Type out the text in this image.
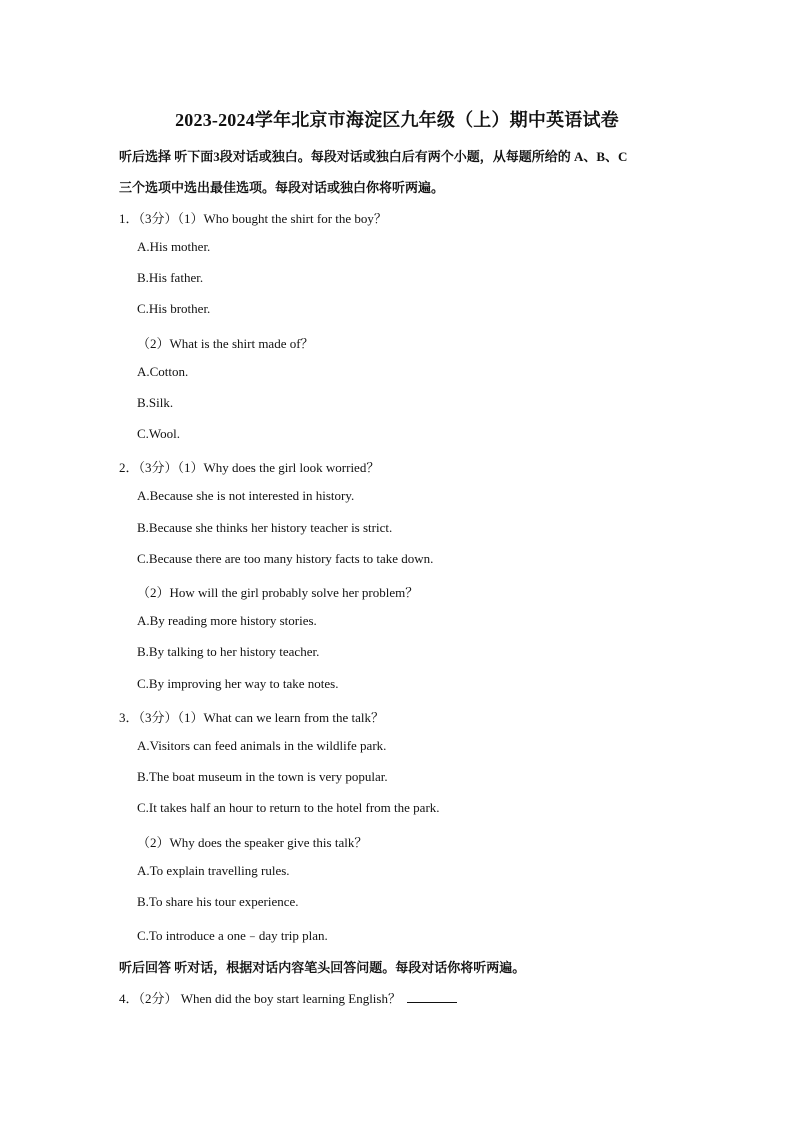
2023-2024学年北京市海淀区九年级（上）期中英语试卷
听后选择 听下面3段对话或独白。每段对话或独白后有两个小题，从每题所给的 A、B、C
三个选项中选出最佳选项。每段对话或独白你将听两遍。
1．（3分）（1）Who bought the shirt for the boy？
A.His mother.
B.His father.
C.His brother.
（2）What is the shirt made of？
A.Cotton.
B.Silk.
C.Wool.
2．（3分）（1）Why does the girl look worried？
A.Because she is not interested in history.
B.Because she thinks her history teacher is strict.
C.Because there are too many history facts to take down.
（2）How will the girl probably solve her problem？
A.By reading more history stories.
B.By talking to her history teacher.
C.By improving her way to take notes.
3．（3分）（1）What can we learn from the talk？
A.Visitors can feed animals in the wildlife park.
B.The boat museum in the town is very popular.
C.It takes half an hour to return to the hotel from the park.
（2）Why does the speaker give this talk？
A.To explain travelling rules.
B.To share his tour experience.
C.To introduce a one﹣day trip plan.
听后回答 听对话，根据对话内容笔头回答问题。每段对话你将听两遍。
4．（2分） When did the boy start learning English？
